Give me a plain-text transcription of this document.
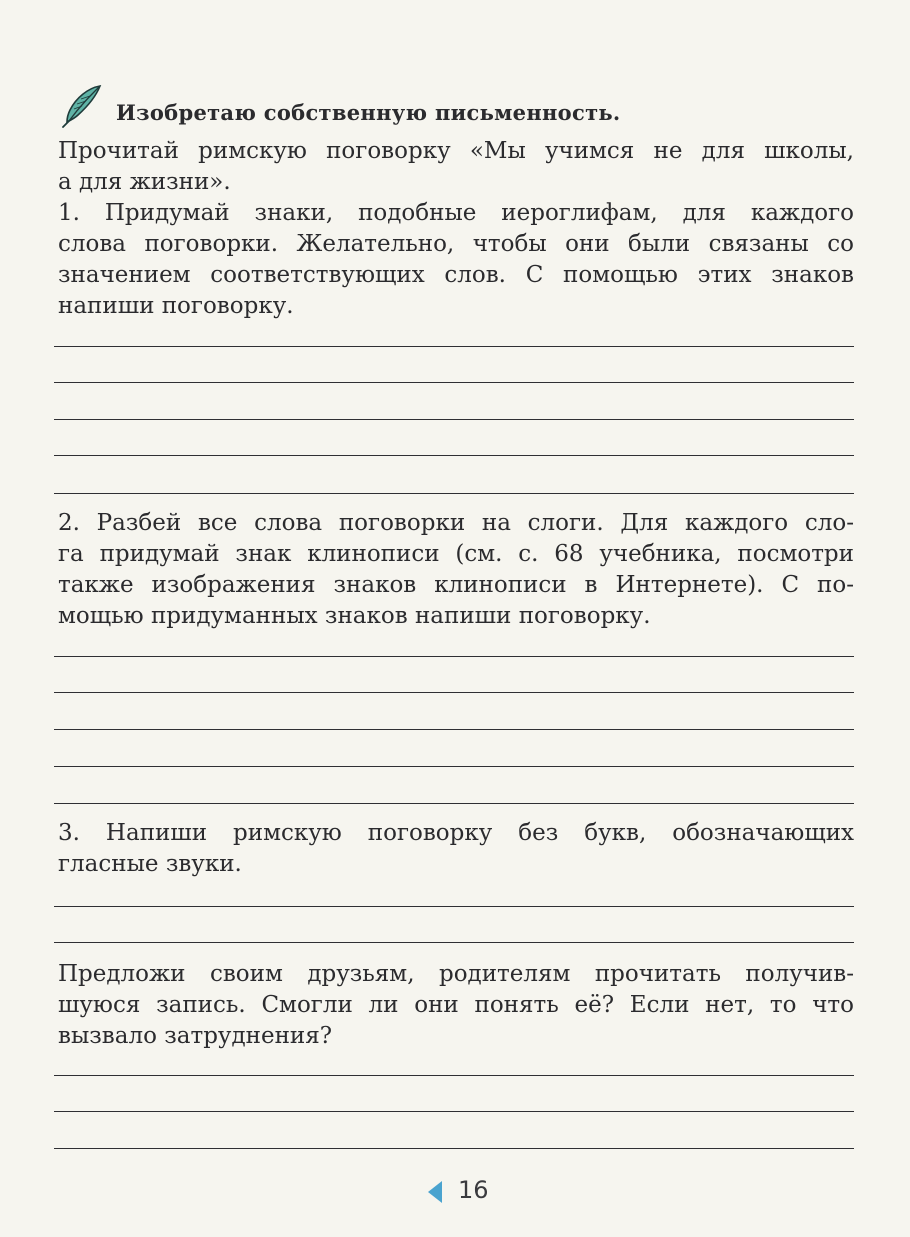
Изобретаю собственную письменность.
Прочитай римскую поговорку «Мы учимся не для школы,
а для жизни».
1. Придумай знаки, подобные иероглифам, для каждого
слова поговорки. Желательно, чтобы они были связаны со
значением соответствующих слов. С помощью этих знаков
напиши поговорку.
2. Разбей все слова поговорки на слоги. Для каждого сло-
га придумай знак клинописи (см. с. 68 учебника, посмотри
также изображения знаков клинописи в Интернете). С по-
мощью придуманных знаков напиши поговорку.
3. Напиши римскую поговорку без букв, обозначающих
гласные звуки.
Предложи своим друзьям, родителям прочитать получив-
шуюся запись. Смогли ли они понять её? Если нет, то что
вызвало затруднения?
16
